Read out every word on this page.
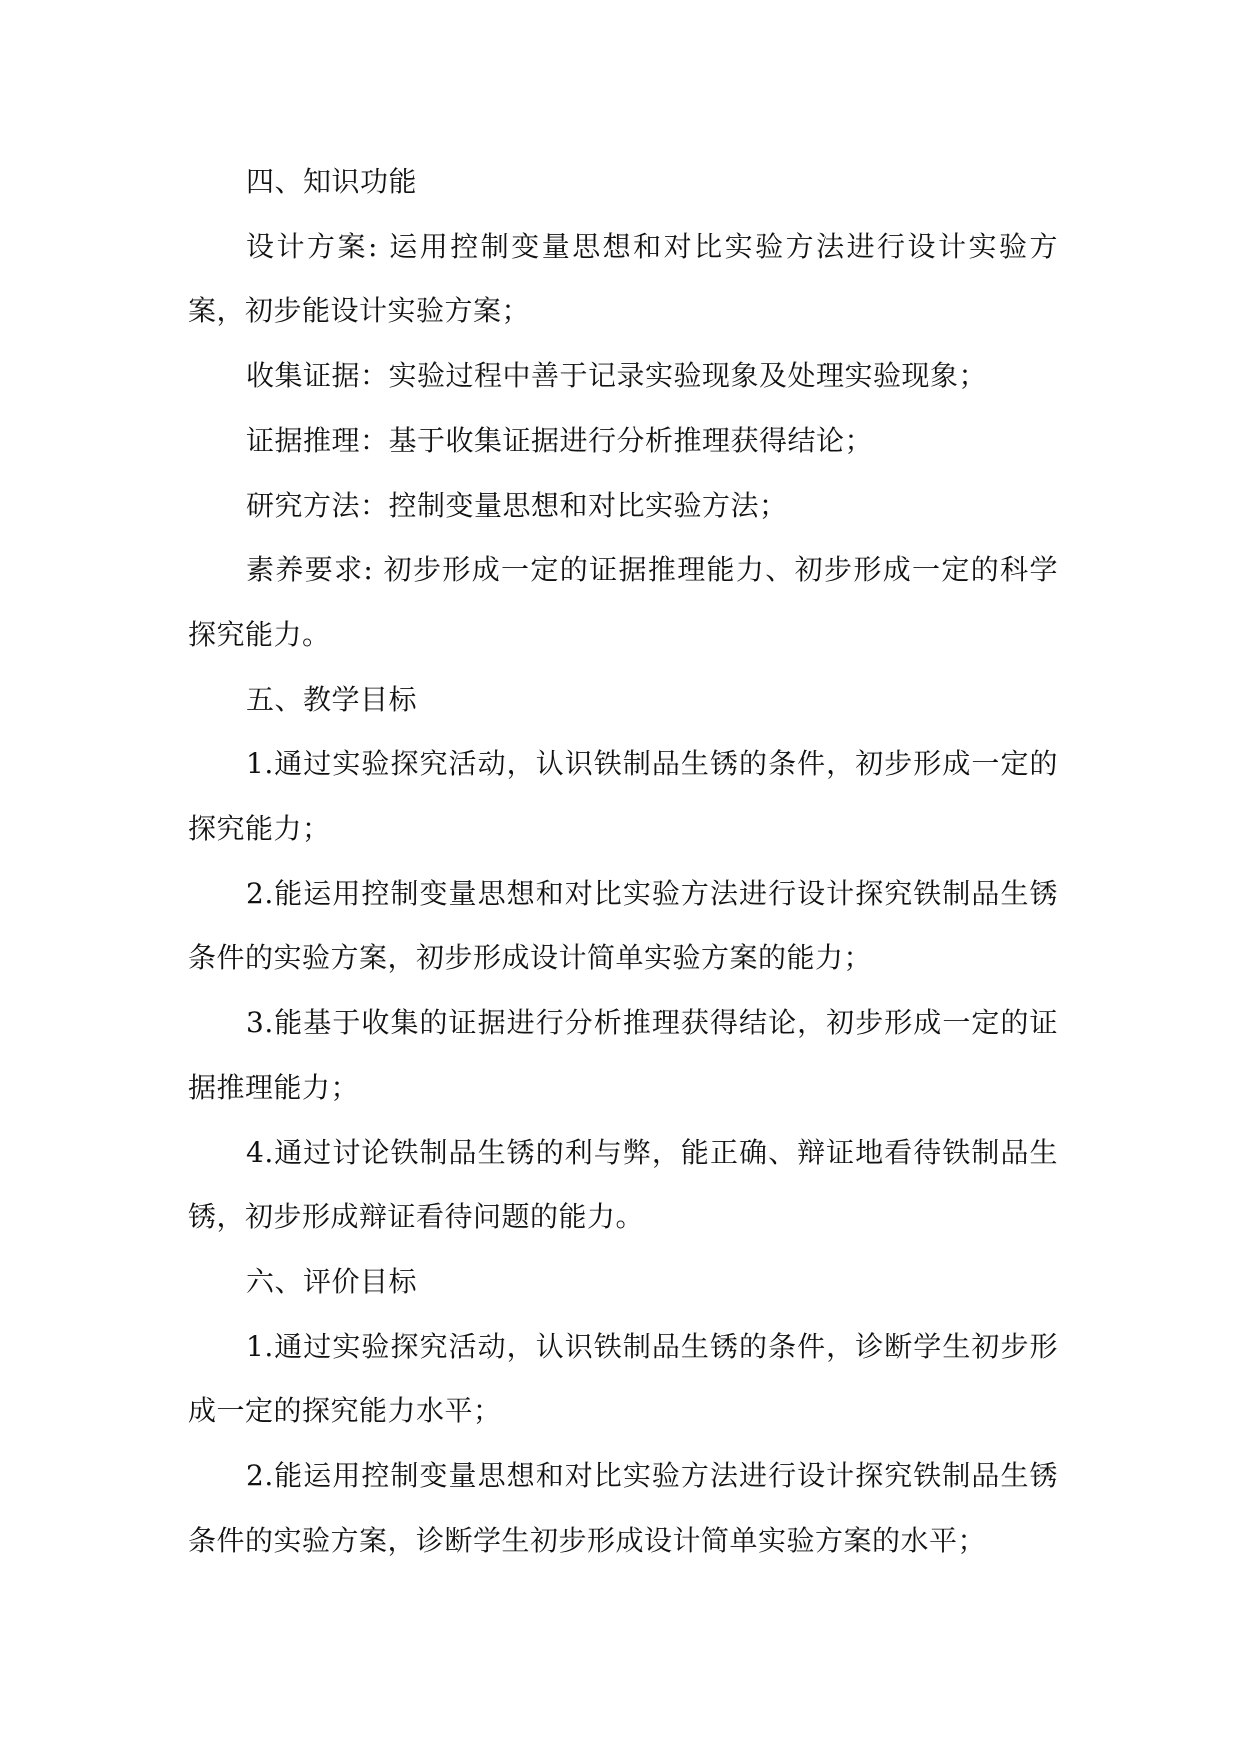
四、知识功能

设计方案: 运用控制变量思想和对比实验方法进行设计实验方案，初步能设计实验方案；

收集证据：实验过程中善于记录实验现象及处理实验现象；

证据推理：基于收集证据进行分析推理获得结论；

研究方法：控制变量思想和对比实验方法；

素养要求: 初步形成一定的证据推理能力、初步形成一定的科学探究能力。

五、教学目标

1.通过实验探究活动，认识铁制品生锈的条件，初步形成一定的探究能力；

2.能运用控制变量思想和对比实验方法进行设计探究铁制品生锈条件的实验方案，初步形成设计简单实验方案的能力；

3.能基于收集的证据进行分析推理获得结论，初步形成一定的证据推理能力；

4.通过讨论铁制品生锈的利与弊，能正确、辩证地看待铁制品生锈，初步形成辩证看待问题的能力。

六、评价目标

1.通过实验探究活动，认识铁制品生锈的条件，诊断学生初步形成一定的探究能力水平；

2.能运用控制变量思想和对比实验方法进行设计探究铁制品生锈条件的实验方案，诊断学生初步形成设计简单实验方案的水平；
